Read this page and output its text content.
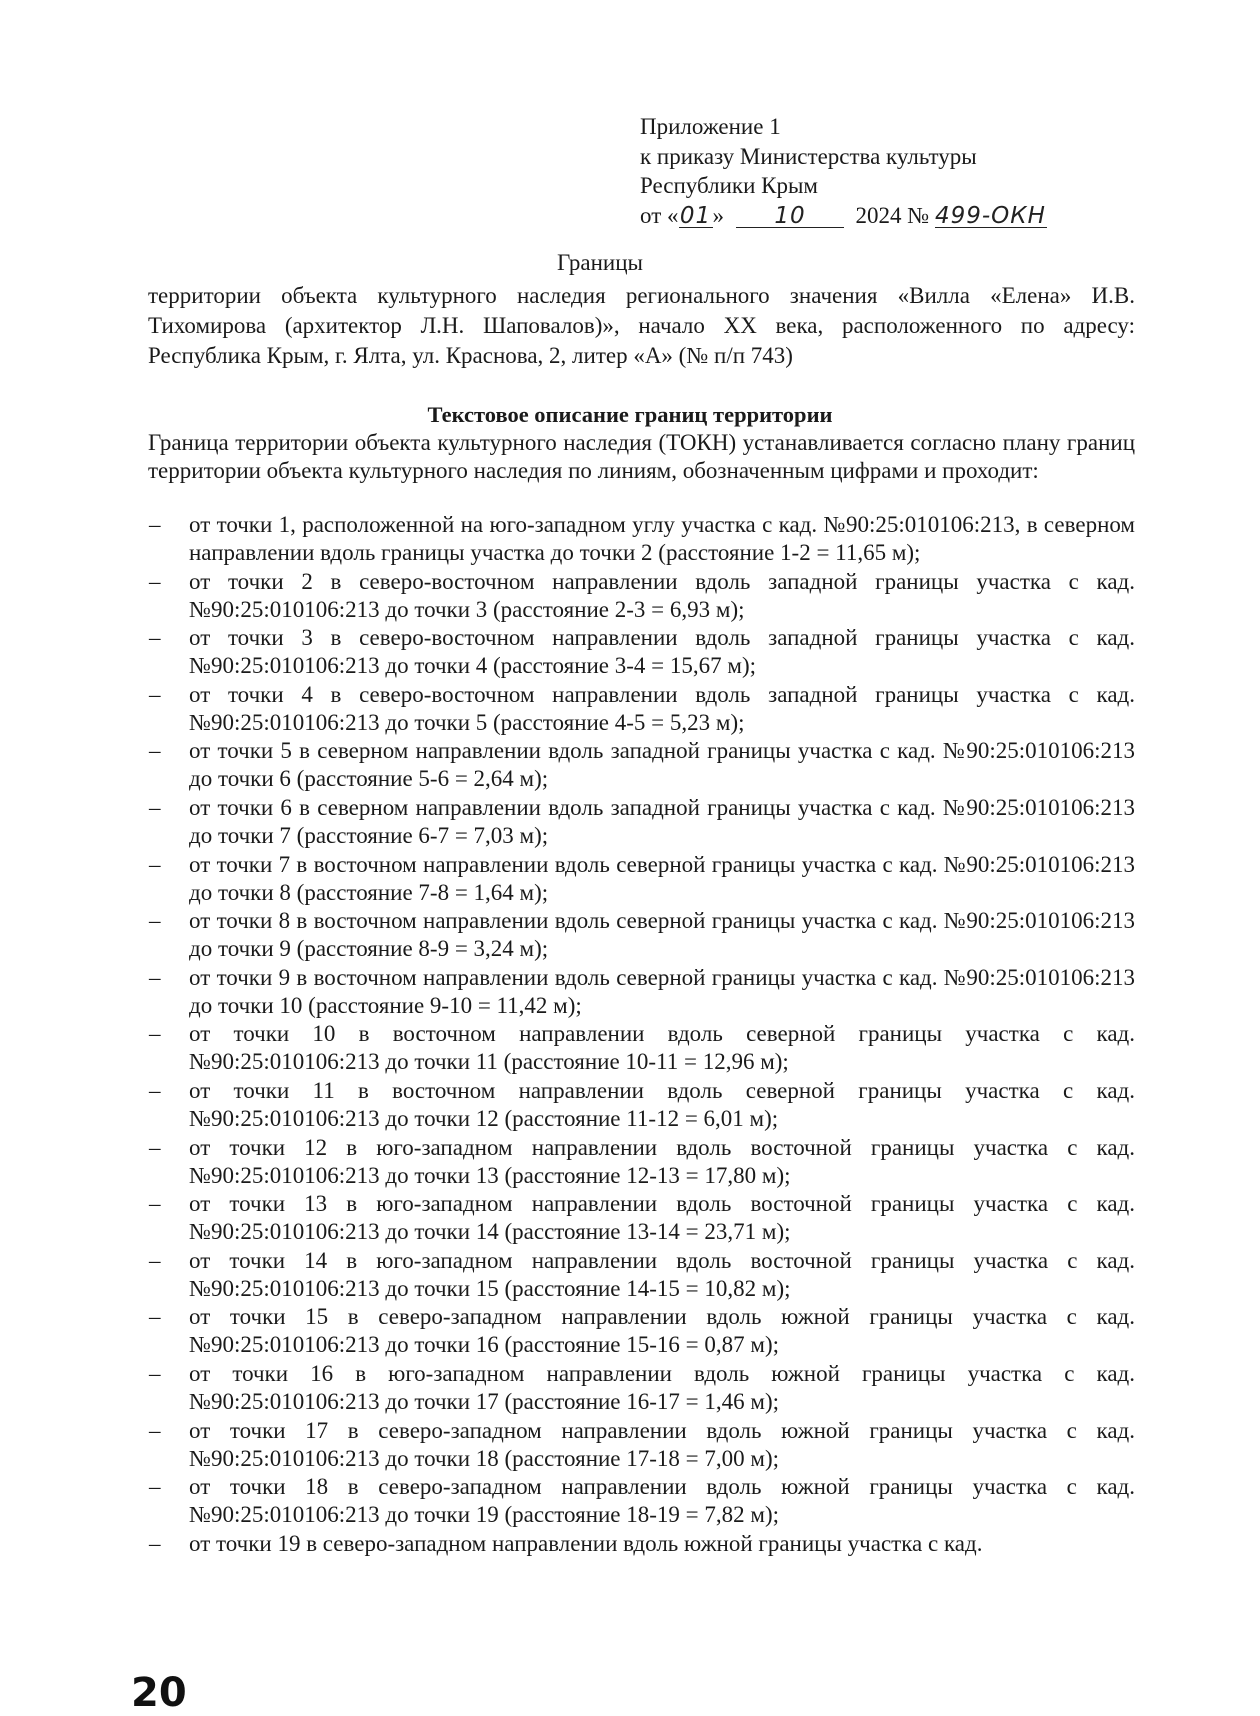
Приложение 1
к приказу Министерства культуры
Республики Крым
от «01» 10 2024 № 499-ОКН
Границы
территории объекта культурного наследия регионального значения «Вилла «Елена» И.В. Тихомирова (архитектор Л.Н. Шаповалов)», начало XX века, расположенного по адресу: Республика Крым, г. Ялта, ул. Краснова, 2, литер «А» (№ п/п 743)
Текстовое описание границ территории
Граница территории объекта культурного наследия (ТОКН) устанавливается согласно плану границ территории объекта культурного наследия по линиям, обозначенным цифрами и проходит:
– от точки 1, расположенной на юго-западном углу участка с кад. №90:25:010106:213, в северном направлении вдоль границы участка до точки 2 (расстояние 1-2 = 11,65 м);
– от точки 2 в северо-восточном направлении вдоль западной границы участка с кад. №90:25:010106:213 до точки 3 (расстояние 2-3 = 6,93 м);
– от точки 3 в северо-восточном направлении вдоль западной границы участка с кад. №90:25:010106:213 до точки 4 (расстояние 3-4 = 15,67 м);
– от точки 4 в северо-восточном направлении вдоль западной границы участка с кад. №90:25:010106:213 до точки 5 (расстояние 4-5 = 5,23 м);
– от точки 5 в северном направлении вдоль западной границы участка с кад. №90:25:010106:213 до точки 6 (расстояние 5-6 = 2,64 м);
– от точки 6 в северном направлении вдоль западной границы участка с кад. №90:25:010106:213 до точки 7 (расстояние 6-7 = 7,03 м);
– от точки 7 в восточном направлении вдоль северной границы участка с кад. №90:25:010106:213 до точки 8 (расстояние 7-8 = 1,64 м);
– от точки 8 в восточном направлении вдоль северной границы участка с кад. №90:25:010106:213 до точки 9 (расстояние 8-9 = 3,24 м);
– от точки 9 в восточном направлении вдоль северной границы участка с кад. №90:25:010106:213 до точки 10 (расстояние 9-10 = 11,42 м);
– от точки 10 в восточном направлении вдоль северной границы участка с кад. №90:25:010106:213 до точки 11 (расстояние 10-11 = 12,96 м);
– от точки 11 в восточном направлении вдоль северной границы участка с кад. №90:25:010106:213 до точки 12 (расстояние 11-12 = 6,01 м);
– от точки 12 в юго-западном направлении вдоль восточной границы участка с кад. №90:25:010106:213 до точки 13 (расстояние 12-13 = 17,80 м);
– от точки 13 в юго-западном направлении вдоль восточной границы участка с кад. №90:25:010106:213 до точки 14 (расстояние 13-14 = 23,71 м);
– от точки 14 в юго-западном направлении вдоль восточной границы участка с кад. №90:25:010106:213 до точки 15 (расстояние 14-15 = 10,82 м);
– от точки 15 в северо-западном направлении вдоль южной границы участка с кад. №90:25:010106:213 до точки 16 (расстояние 15-16 = 0,87 м);
– от точки 16 в юго-западном направлении вдоль южной границы участка с кад. №90:25:010106:213 до точки 17 (расстояние 16-17 = 1,46 м);
– от точки 17 в северо-западном направлении вдоль южной границы участка с кад. №90:25:010106:213 до точки 18 (расстояние 17-18 = 7,00 м);
– от точки 18 в северо-западном направлении вдоль южной границы участка с кад. №90:25:010106:213 до точки 19 (расстояние 18-19 = 7,82 м);
– от точки 19 в северо-западном направлении вдоль южной границы участка с кад.
20
